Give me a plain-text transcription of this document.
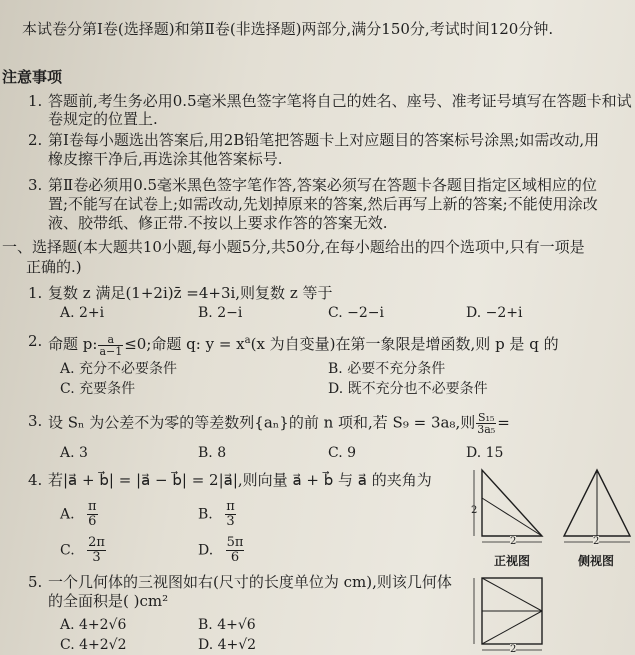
本试卷分第Ⅰ卷(选择题)和第Ⅱ卷(非选择题)两部分,满分150分,考试时间120分钟.
注意事项
1. 答题前,考生务必用0.5毫米黑色签字笔将自己的姓名、座号、准考证号填写在答题卡和试
卷规定的位置上.
2. 第Ⅰ卷每小题选出答案后,用2B铅笔把答题卡上对应题目的答案标号涂黑;如需改动,用
橡皮擦干净后,再选涂其他答案标号.
3. 第Ⅱ卷必须用0.5毫米黑色签字笔作答,答案必须写在答题卡各题目指定区域相应的位
置;不能写在试卷上;如需改动,先划掉原来的答案,然后再写上新的答案;不能使用涂改
液、胶带纸、修正带.不按以上要求作答的答案无效.
一、选择题(本大题共10小题,每小题5分,共50分,在每小题给出的四个选项中,只有一项是
正确的.)
1. 复数 z 满足(1+2i)z̄ =4+3i,则复数 z 等于
A. 2+i	B. 2−i	C. −2−i	D. −2+i
2. 命题 p: $\frac{a}{a-1} \le 0$;命题 q: $y = x^a(x$ 为自变量)在第一象限是增函数,则 p 是 q 的
A. 充分不必要条件	B. 必要不充分条件
C. 充要条件	D. 既不充分也不必要条件
3. 设 Sₙ 为公差不为零的等差数列{aₙ}的前 n 项和,若 S₉ = 3a₈,则 $\frac{\text{S₁₅}}{\text{3a₅}}$ =
A. 3	B. 8	C. 9	D. 15
4. 若|a⃗ + b⃗| = |a⃗ − b⃗| = 2|a⃗|,则向量 a⃗ + b⃗ 与 a⃗ 的夹角为
A. $\frac{\pi}{6}$	B. $\frac{\pi}{3}$
C. $\frac{2\pi}{3}$	D. $\frac{5\pi}{6}$
5. 一个几何体的三视图如右(尺寸的长度单位为 cm),则该几何体
的全面积是( )cm²
A. 4+2√6	B. 4+√6
C. 4+2√2	D. 4+√2
2
2
正视图
2
侧视图
2
